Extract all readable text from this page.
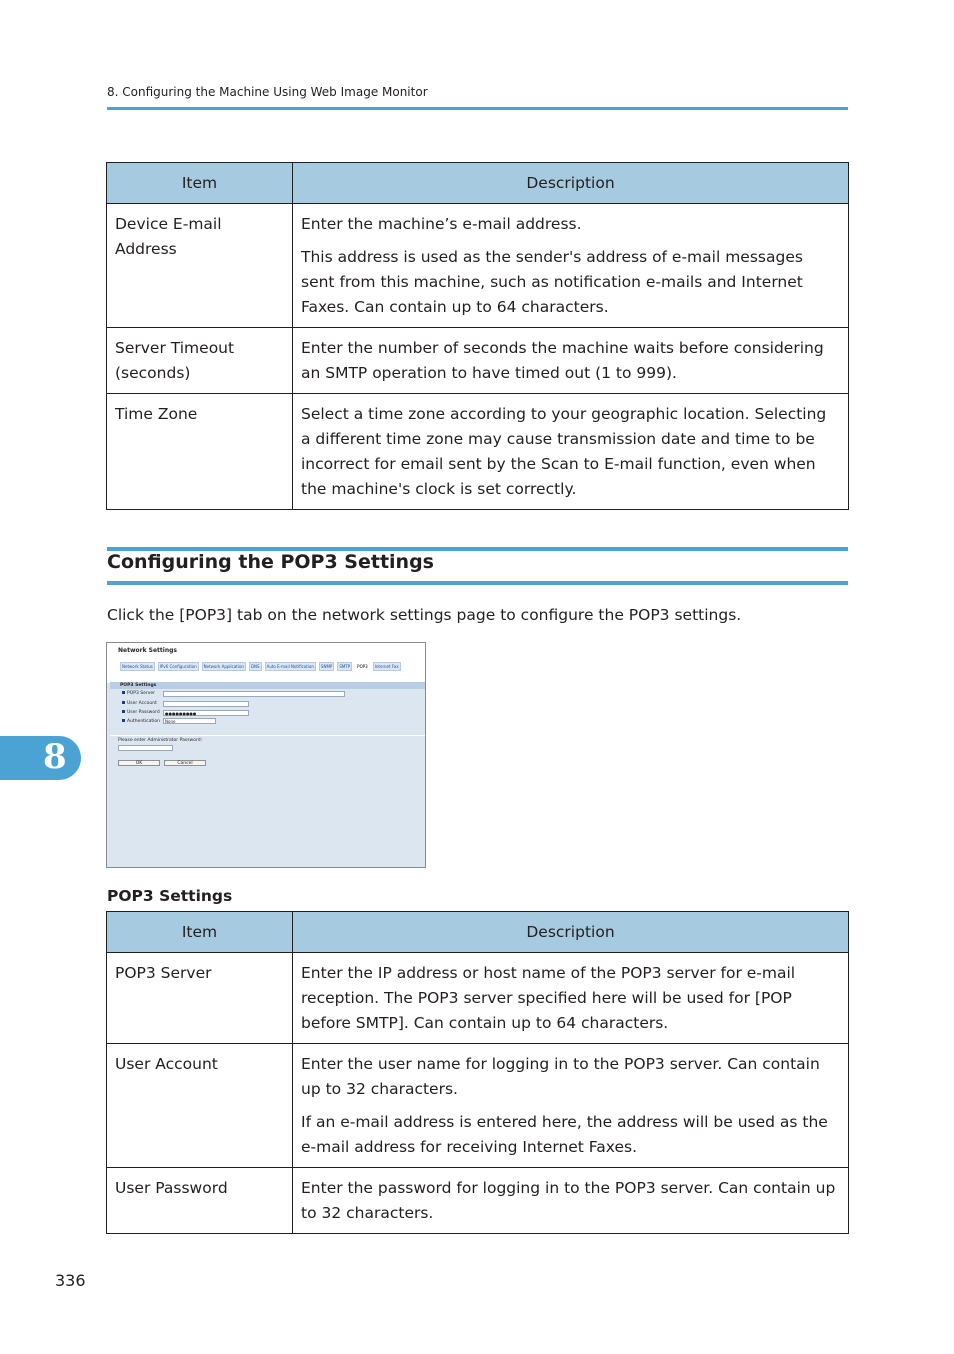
8. Configuring the Machine Using Web Image Monitor
Item	Description
Device E-mail Address	Enter the machine’s e-mail address.

This address is used as the sender's address of e-mail messages sent from this machine, such as notification e-mails and Internet Faxes. Can contain up to 64 characters.

Server Timeout (seconds)	Enter the number of seconds the machine waits before considering an SMTP operation to have timed out (1 to 999).

Time Zone	Select a time zone according to your geographic location. Selecting a different time zone may cause transmission date and time to be incorrect for email sent by the Scan to E-mail function, even when the machine's clock is set correctly.

Configuring the POP3 Settings
Click the [POP3] tab on the network settings page to configure the POP3 settings.
Network Settings
Network Status	IPv6 Configuration	Network Application	DNS	Auto E-mail Notification	SNMP	SMTP	POP3	Internet Fax
POP3 Settings
POP3 Server
User Account
User Password	●●●●●●●●●
Authentication	None
Please enter Administrator Password:
OK	Cancel
8
POP3 Settings
Item	Description
POP3 Server	Enter the IP address or host name of the POP3 server for e-mail reception. The POP3 server specified here will be used for [POP before SMTP]. Can contain up to 64 characters.

User Account	Enter the user name for logging in to the POP3 server. Can contain up to 32 characters.

If an e-mail address is entered here, the address will be used as the e-mail address for receiving Internet Faxes.

User Password	Enter the password for logging in to the POP3 server. Can contain up to 32 characters.

336
